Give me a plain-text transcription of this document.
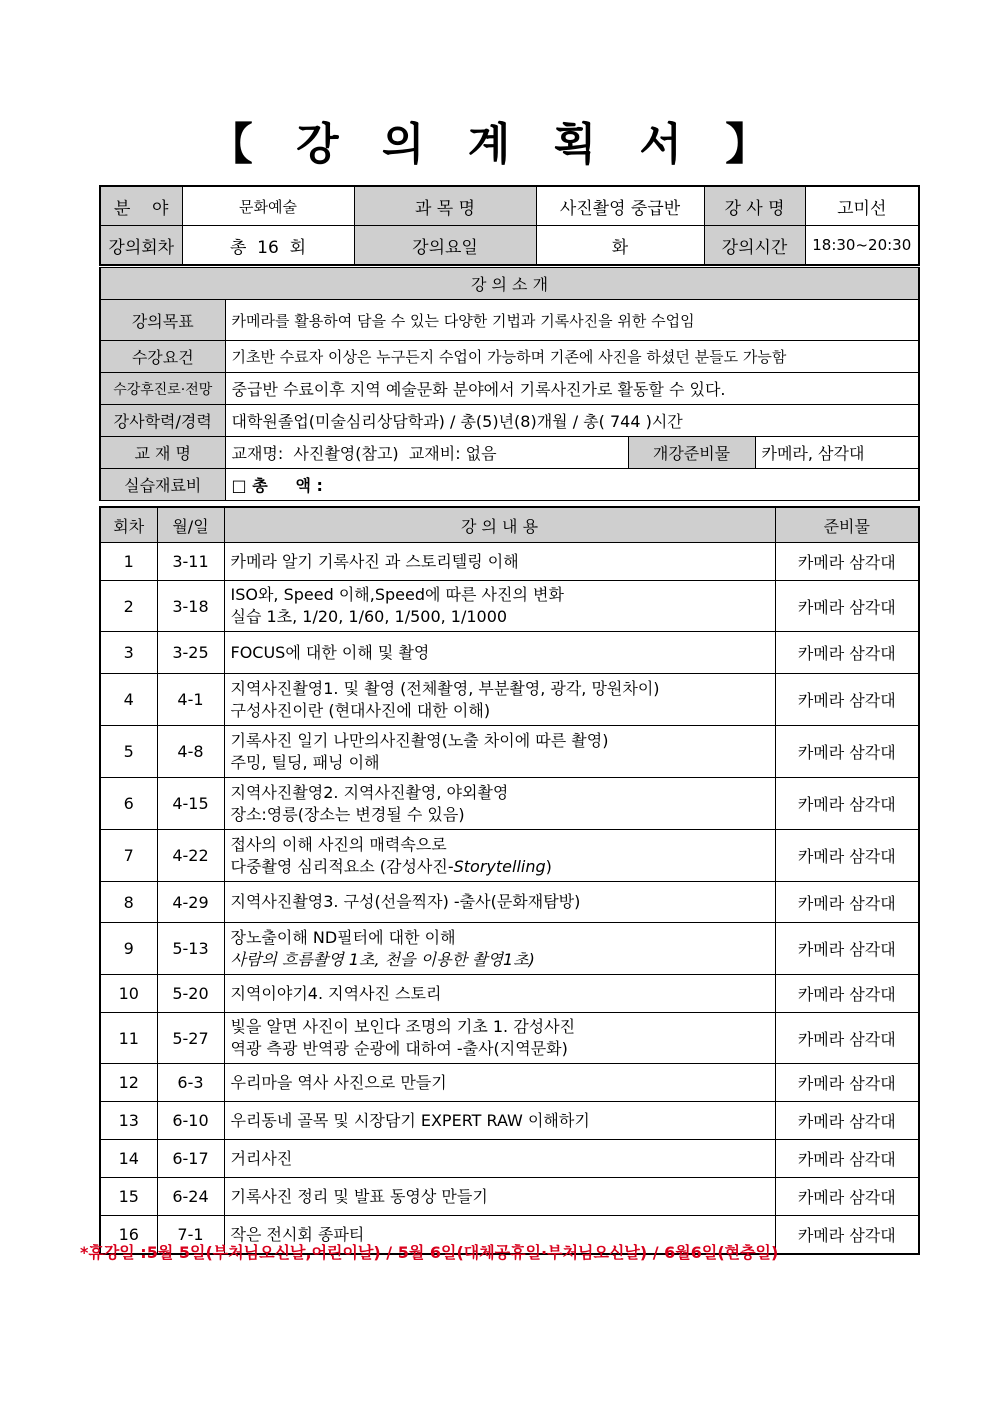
【 강 의 계 획 서 】
분    야	문화예술	과 목 명	사진촬영 중급반	강 사 명	고미선
강의회차	총  16  회	강의요일	화	강의시간	18:30~20:30
강 의 소 개			
강의목표	카메라를 활용하여 담을 수 있는 다양한 기법과 기록사진을 위한 수업임		
수강요건	기초반 수료자 이상은 누구든지 수업이 가능하며 기존에 사진을 하셨던 분들도 가능함		
수강후진로·전망	중급반 수료이후 지역 예술문화 분야에서 기록사진가로 활동할 수 있다.		
강사학력/경력	대학원졸업(미술심리상담학과) / 총(5)년(8)개월 / 총( 744 )시간		
교 재 명	교재명:  사진촬영(참고)  교재비: 없음	개강준비물	카메라, 삼각대
실습재료비	□ 총     액 :		
회차	월/일	강 의 내 용	준비물
1	3-11	카메라 알기 기록사진 과 스토리텔링 이해	카메라 삼각대
2	3-18	ISO와, Speed 이해,Speed에 따른 사진의 변화
실습 1초, 1/20, 1/60, 1/500, 1/1000	카메라 삼각대
3	3-25	FOCUS에 대한 이해 및 촬영	카메라 삼각대
4	4-1	지역사진촬영1. 및 촬영 (전체촬영, 부분촬영, 광각, 망원차이)
구성사진이란 (현대사진에 대한 이해)	카메라 삼각대
5	4-8	기록사진 일기 나만의사진촬영(노출 차이에 따른 촬영)
주밍, 틸딩, 패닝 이해	카메라 삼각대
6	4-15	지역사진촬영2. 지역사진촬영, 야외촬영
장소:영릉(장소는 변경될 수 있음)	카메라 삼각대
7	4-22	접사의 이해 사진의 매력속으로
다중촬영 심리적요소 (감성사진-Storytelling)	카메라 삼각대
8	4-29	지역사진촬영3. 구성(선을찍자) -출사(문화재탐방)	카메라 삼각대
9	5-13	장노출이해 ND필터에 대한 이해
사람의 흐름촬영 1초, 천을 이용한 촬영1초)	카메라 삼각대
10	5-20	지역이야기4. 지역사진 스토리	카메라 삼각대
11	5-27	빛을 알면 사진이 보인다 조명의 기초 1. 감성사진
역광 측광 반역광 순광에 대하여 -출사(지역문화)	카메라 삼각대
12	6-3	우리마을 역사 사진으로 만들기	카메라 삼각대
13	6-10	우리동네 골목 및 시장담기 EXPERT RAW 이해하기	카메라 삼각대
14	6-17	거리사진	카메라 삼각대
15	6-24	기록사진 정리 및 발표 동영상 만들기	카메라 삼각대
16	7-1	작은 전시회 종파티	카메라 삼각대
*휴강일 :5월 5일(부처님오신날,어린이날) / 5월 6일(대체공휴일·부처님오신날) / 6월6일(현충일)
